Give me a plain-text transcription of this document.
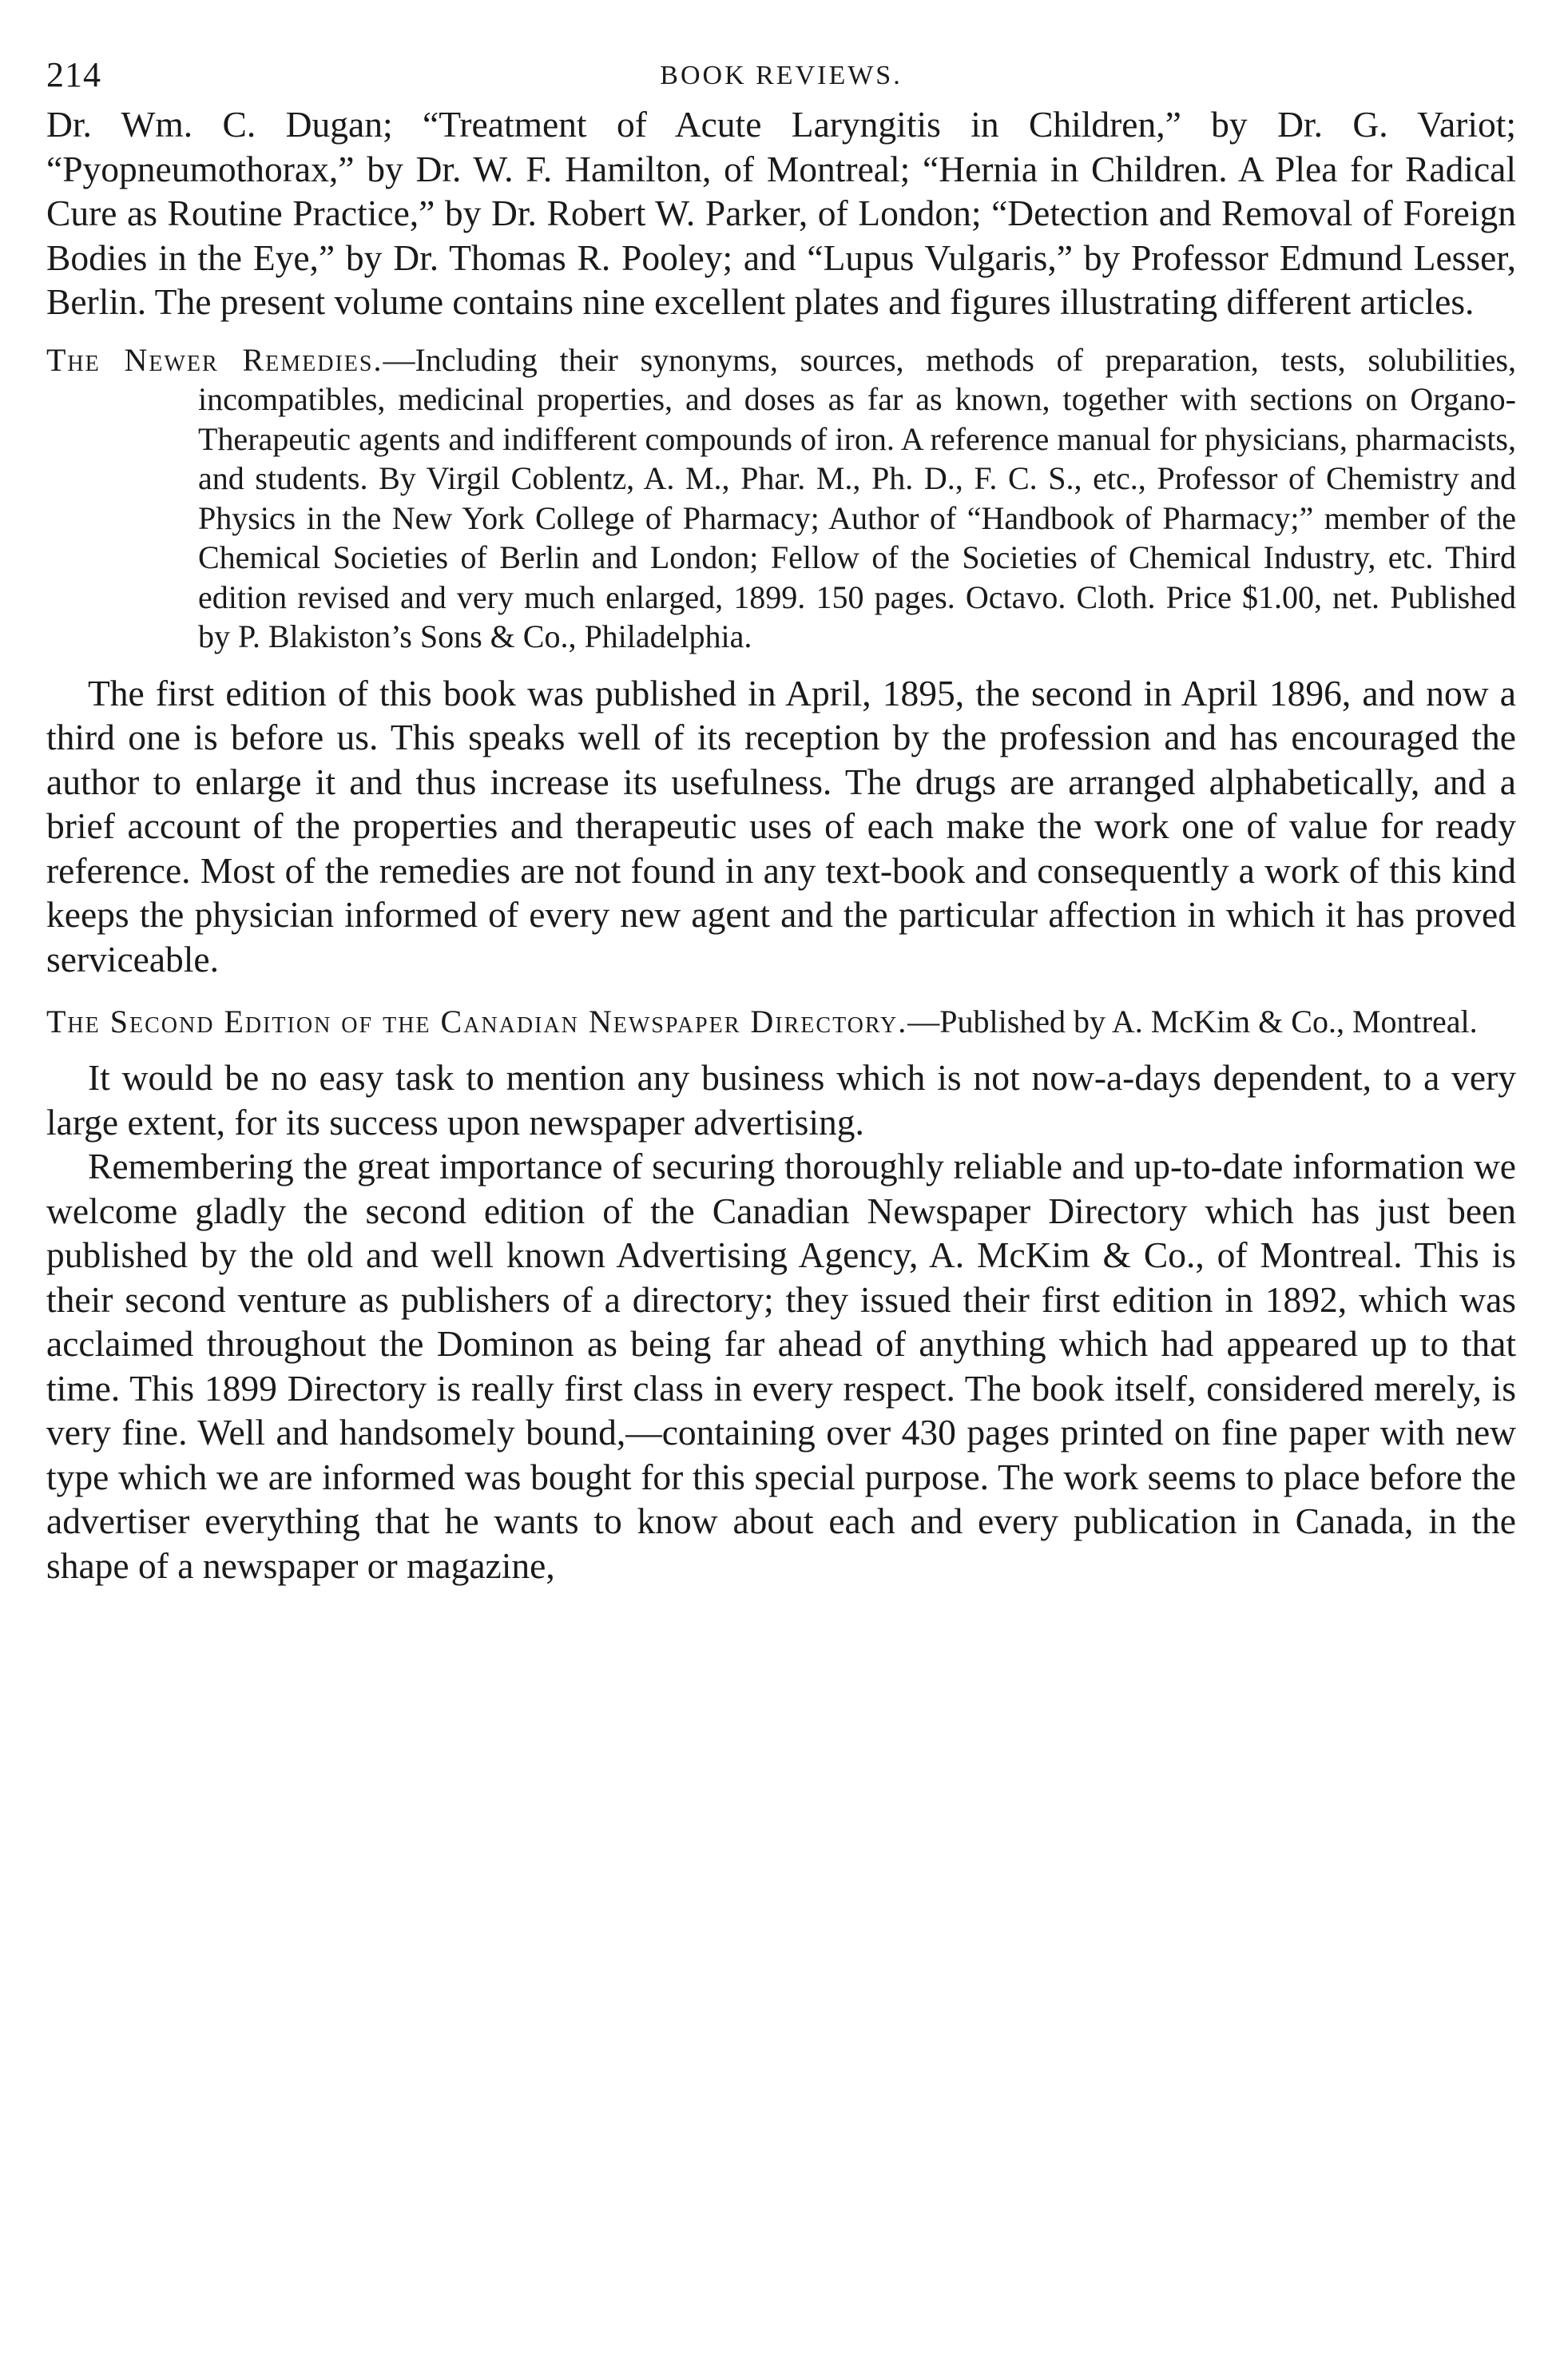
214	BOOK REVIEWS.

Dr. Wm. C. Dugan; “Treatment of Acute Laryngitis in Children,” by Dr. G. Variot; “Pyopneumothorax,” by Dr. W. F. Hamilton, of Montreal; “Hernia in Children. A Plea for Radical Cure as Routine Practice,” by Dr. Robert W. Parker, of London; “Detection and Removal of Foreign Bodies in the Eye,” by Dr. Thomas R. Pooley; and “Lupus Vulgaris,” by Professor Edmund Lesser, Berlin. The present volume contains nine excellent plates and figures illustrating different articles.

The Newer Remedies.—Including their synonyms, sources, methods of preparation, tests, solubilities, incompatibles, medicinal properties, and doses as far as known, together with sections on Organo-Therapeutic agents and indifferent compounds of iron. A reference manual for physicians, pharmacists, and students. By Virgil Coblentz, A. M., Phar. M., Ph. D., F. C. S., etc., Professor of Chemistry and Physics in the New York College of Pharmacy; Author of “Handbook of Pharmacy;” member of the Chemical Societies of Berlin and London; Fellow of the Societies of Chemical Industry, etc. Third edition revised and very much enlarged, 1899. 150 pages. Octavo. Cloth. Price $1.00, net. Published by P. Blakiston’s Sons & Co., Philadelphia.

The first edition of this book was published in April, 1895, the second in April 1896, and now a third one is before us. This speaks well of its reception by the profession and has encouraged the author to enlarge it and thus increase its usefulness. The drugs are arranged alphabetically, and a brief account of the properties and therapeutic uses of each make the work one of value for ready reference. Most of the remedies are not found in any text-book and consequently a work of this kind keeps the physician informed of every new agent and the particular affection in which it has proved serviceable.

The Second Edition of the Canadian Newspaper Directory.—Published by A. McKim & Co., Montreal.

It would be no easy task to mention any business which is not now-a-days dependent, to a very large extent, for its success upon newspaper advertising.

Remembering the great importance of securing thoroughly reliable and up-to-date information we welcome gladly the second edition of the Canadian Newspaper Directory which has just been published by the old and well known Advertising Agency, A. McKim & Co., of Montreal. This is their second venture as publishers of a directory; they issued their first edition in 1892, which was acclaimed throughout the Dominon as being far ahead of anything which had appeared up to that time. This 1899 Directory is really first class in every respect. The book itself, considered merely, is very fine. Well and handsomely bound,—containing over 430 pages printed on fine paper with new type which we are informed was bought for this special purpose. The work seems to place before the advertiser everything that he wants to know about each and every publication in Canada, in the shape of a newspaper or magazine,
